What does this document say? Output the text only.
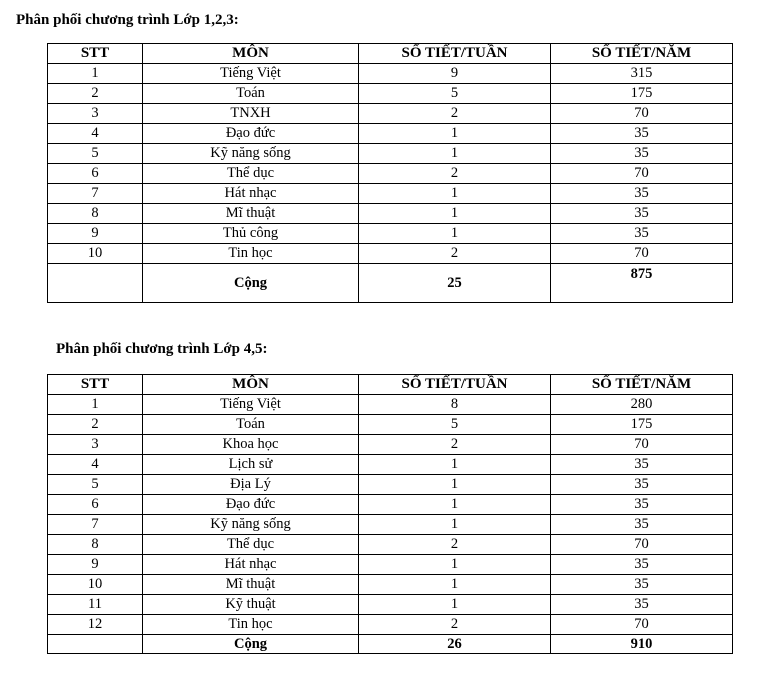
Phân phối chương trình Lớp 1,2,3:
STT	MÔN	SỐ TIẾT/TUẦN	SỐ TIẾT/NĂM
1	Tiếng Việt	9	315
2	Toán	5	175
3	TNXH	2	70
4	Đạo đức	1	35
5	Kỹ năng sống	1	35
6	Thể dục	2	70
7	Hát nhạc	1	35
8	Mĩ thuật	1	35
9	Thủ công	1	35
10	Tin học	2	70
	Cộng	25	875
Phân phối chương trình Lớp 4,5:
STT	MÔN	SỐ TIẾT/TUẦN	SỐ TIẾT/NĂM
1	Tiếng Việt	8	280
2	Toán	5	175
3	Khoa học	2	70
4	Lịch sử	1	35
5	Địa Lý	1	35
6	Đạo đức	1	35
7	Kỹ năng sống	1	35
8	Thể dục	2	70
9	Hát nhạc	1	35
10	Mĩ thuật	1	35
11	Kỹ thuật	1	35
12	Tin học	2	70
	Cộng	26	910
